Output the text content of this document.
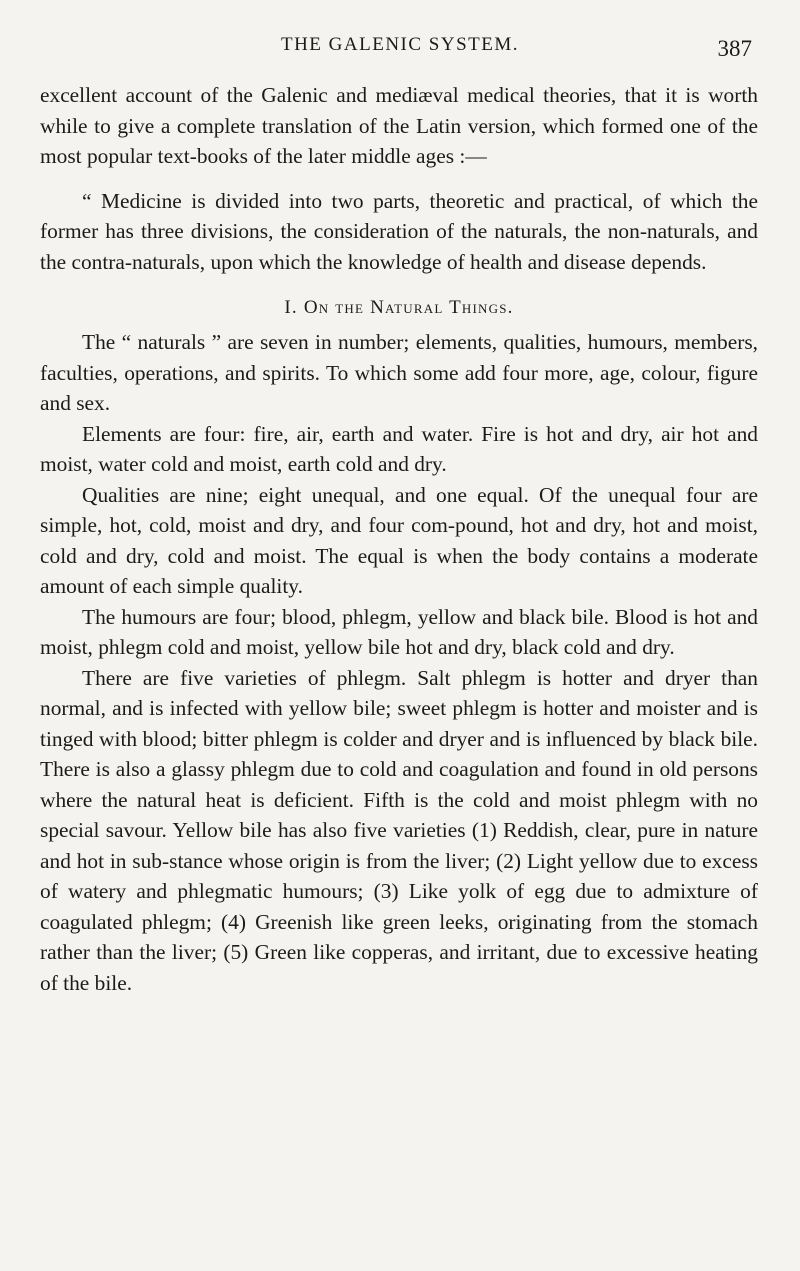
THE GALENIC SYSTEM.	387

excellent account of the Galenic and mediæval medical theories, that it is worth while to give a complete translation of the Latin version, which formed one of the most popular text-books of the later middle ages :—

“ Medicine is divided into two parts, theoretic and practical, of which the former has three divisions, the consideration of the naturals, the non-naturals, and the contra-naturals, upon which the knowledge of health and disease depends.

I. On the Natural Things.

The “ naturals ” are seven in number; elements, qualities, humours, members, faculties, operations, and spirits. To which some add four more, age, colour, figure and sex.

Elements are four: fire, air, earth and water. Fire is hot and dry, air hot and moist, water cold and moist, earth cold and dry.

Qualities are nine; eight unequal, and one equal. Of the unequal four are simple, hot, cold, moist and dry, and four com-pound, hot and dry, hot and moist, cold and dry, cold and moist. The equal is when the body contains a moderate amount of each simple quality.

The humours are four; blood, phlegm, yellow and black bile. Blood is hot and moist, phlegm cold and moist, yellow bile hot and dry, black cold and dry.

There are five varieties of phlegm. Salt phlegm is hotter and dryer than normal, and is infected with yellow bile; sweet phlegm is hotter and moister and is tinged with blood; bitter phlegm is colder and dryer and is influenced by black bile. There is also a glassy phlegm due to cold and coagulation and found in old persons where the natural heat is deficient. Fifth is the cold and moist phlegm with no special savour. Yellow bile has also five varieties (1) Reddish, clear, pure in nature and hot in sub-stance whose origin is from the liver; (2) Light yellow due to excess of watery and phlegmatic humours; (3) Like yolk of egg due to admixture of coagulated phlegm; (4) Greenish like green leeks, originating from the stomach rather than the liver; (5) Green like copperas, and irritant, due to excessive heating of the bile.
